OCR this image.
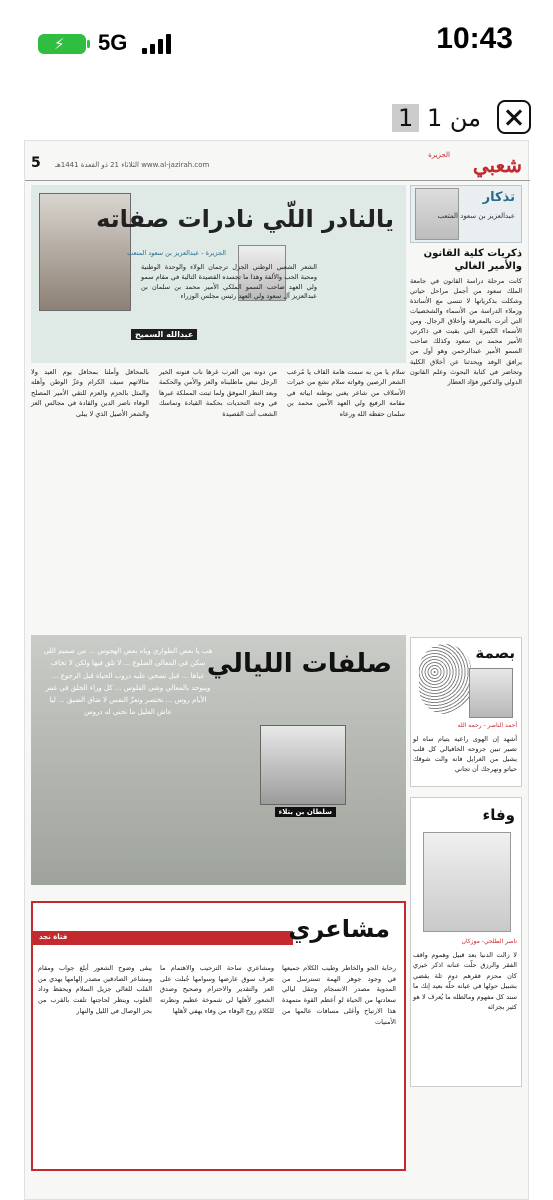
⚡ 5G	10:43
1 من 1
5 الثلاثاء 21 ذو القعدة 1441هـ www.al-jazirah.com
الجزيرة شعبي
يالنادر اللّي نادرات صفاته
الجزيرة - عبدالعزيز بن سعود المتعب
الشعر الشعبي الوطني الجزل ترجمان الولاء والوحدة الوطنية ومحبة الحب والألفة وهذا ما تجسده القصيدة التالية في مقام سمو ولي العهد صاحب السمو الملكي الأمير محمد بن سلمان بن عبدالعزيز آل سعود ولي العهد رئيس مجلس الوزراء
عبدالله السميح
بالمحافل وأملنا بمحافل يوم العيد ولا مثالاتهم سيف الكرام وعزّ الوطن وأهله والمثل بالحزم والعزم للتقي الأمير المصلح الوفاء ناصر الدين والقادة في مجالس العز والشعر الأصيل الذي لا يبلى
من دونه بين العرب غرها ناب فنونه الخير الرجل نبض ماطلبناه والعز والأمن والحكمة وبعد النظر الموفق ولما ثبتت المملكة عبرها في وجه التحديات بحكمة القيادة وتماسك الشعب أتت القصيدة
سلام يا من به سمت هامة القاف يا مُرعب الشعر الرصين وقواته سلام تشع من خيرات الأسلاف من شاعر يغني بوطنه ابياته في مقامه الرفيع ولي العهد الأمين محمد بن سلمان حفظه الله ورعاه
صلفات الليالي
سلطان بن بتلاء
هب يا بعض الطواري وياه بعض الهجوس ... من صميم اللي سكن في المعالي الضلوع ... لا تلق فيها ولكن لا تخاف غياها ... قبل تضحي عليه دروب الحياة قبل الرجوع ... ويبوحد بالمعالي وشي الفلوس ... كل وراء الخلق في غمر الأيام روس ... نختصر ونعزّ النفس لا ضاق الضيق ... ليا عاش العليل ما نحني له دروس
فتاة نجد	مشاعري
رحابة الجو والخاطر وطيب الكلام جميعها في وجود جوهر الهمة تسترسل من المدوية مصدر الانسجام وتنقل ليالي سعادتها من الحياة لو أعظم القوة متمهدة هذا الارتياح وأغلى مسافات عالمها من الأمنيات
ومشاعري ساحة الترحيب والاهتمام ما تعرف سوق عارضها وسوامها جُبلت على العز والتقدير والاحترام وصحيح وصدق الشعور لأهلها لي شموخة عظيم ونظرته للكلام روح الوفاء من وفاء يهفي لأهلها
يبقى وضوح الشعور أبلغ جواب ومقام ومشاعر الصادقين مصدر إلهامها يهدي من القلب للغالي جزيل السلام ويحفظ وداد الغلوب وينظر لحاجتها تلفت بالقرب من بحر الوصال في الليل والنهار
تذكار
عبدالعزيز بن سعود المتعب
ذكريات كلية القانون والأمير الغالي
كانت مرحلة دراسة القانون في جامعة الملك سعود من أجمل مراحل حياتي وشكلت بذكرياتها لا تنسى مع الأساتذة وزملاء الدراسة من الأسماء والشخصيات التي أثرت بالمعرفة وأخلاق الرجال. ومن الأسماء الكبيرة التي بقيت في ذاكرتي الأمير محمد بن سعود وكذلك صاحب السمو الأمير عبدالرحمن وهو أول من يرافق الوفد ويحدثنا عن أخلاق الكلية وتحاضر في كتابة البحوث وعلم القانون الدولي والدكتور فؤاد العطار
بصمة
أحمد الناصر - رحمه الله
أشهد إن الهوى راعيه يتيام ساه لو تصير تبين جروحه الخافيالي كل قلب يشيل من الغرايل فانه والت شوقك حياتو ونهرجك أن تجاني
وفاء
ناصر الطلحي- موزكان
لا زالت الدنيا بعد قبيل وهموم واقف الفقر والرزق حلّت عنانه اذكر خيري كان محزم فقرهم دوم ثلة يقضي بشبيل حولها في عيانه حلّه بعيد إنك ما سند كل مفهوم ومالطله ما يُعرف لا هو كثير بجزائه
